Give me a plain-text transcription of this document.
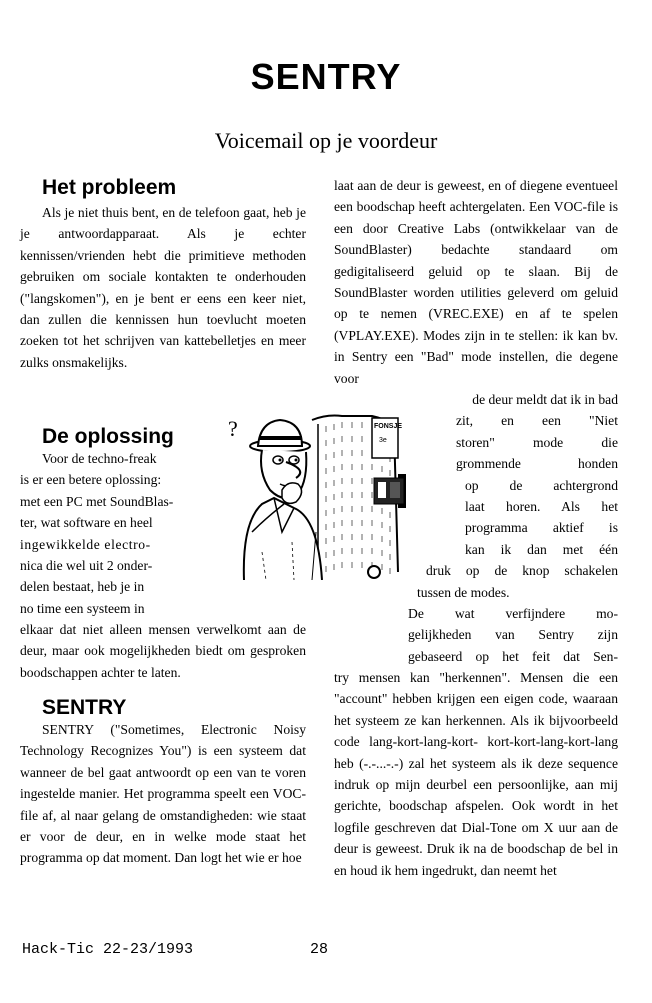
SENTRY
Voicemail op je voordeur
Het probleem
Als je niet thuis bent, en de telefoon gaat, heb je je antwoordapparaat. Als je echter kennissen/vrienden hebt die primitieve methoden gebruiken om sociale kontakten te onderhouden ("langskomen"), en je bent er eens een keer niet, dan zullen die kennissen hun toevlucht moeten zoeken tot het schrijven van kattebelletjes en meer zulks onsmakelijks.
De oplossing
Voor de techno-freak
is er een betere oplossing:
met een PC met SoundBlas-
ter, wat software en heel
ingewikkelde electro-
nica die wel uit 2 onder-
delen bestaat, heb je in
no time een systeem in
elkaar dat niet alleen mensen verwelkomt aan de deur, maar ook mogelijkheden biedt om gesproken boodschappen achter te laten.
SENTRY
SENTRY ("Sometimes, Electronic Noisy Technology Recognizes You") is een systeem dat wanneer de bel gaat antwoordt op een van te voren ingestelde manier. Het programma speelt een VOC-file af, al naar gelang de omstandigheden: wie staat er voor de deur, en in welke mode staat het programma op dat moment. Dan logt het wie er hoe
laat aan de deur is geweest, en of diegene eventueel een boodschap heeft achtergelaten. Een VOC-file is een door Creative Labs (ontwikkelaar van de SoundBlaster) bedachte standaard om gedigitaliseerd geluid op te slaan. Bij de SoundBlaster worden utilities geleverd om geluid op te nemen (VREC.EXE) en af te spelen (VPLAY.EXE). Modes zijn in te stellen: ik kan bv. in Sentry een "Bad" mode instellen, die degene voor
de deur meldt dat ik in bad
zit, en een "Niet
storen" mode die
grommende honden
op de achtergrond
laat horen. Als het
programma aktief is
kan ik dan met één
druk op de knop schakelen
tussen de modes.
De wat verfijndere mo-
gelijkheden van Sentry zijn
gebaseerd op het feit dat Sen-
try mensen kan "herkennen". Mensen die een "account" hebben krijgen een eigen code, waaraan het systeem ze kan herkennen. Als ik bijvoorbeeld code lang-kort-lang-kort- kort-kort-lang-kort-lang heb (-.-...-.-) zal het systeem als ik deze sequence indruk op mijn deurbel een persoonlijke, aan mij gerichte, boodschap afspelen. Ook wordt in het logfile geschreven dat Dial-Tone om X uur aan de deur is geweest. Druk ik na de boodschap de bel in en houd ik hem ingedrukt, dan neemt het
?	FONSJE
3e
Hack-Tic 22-23/1993	28
